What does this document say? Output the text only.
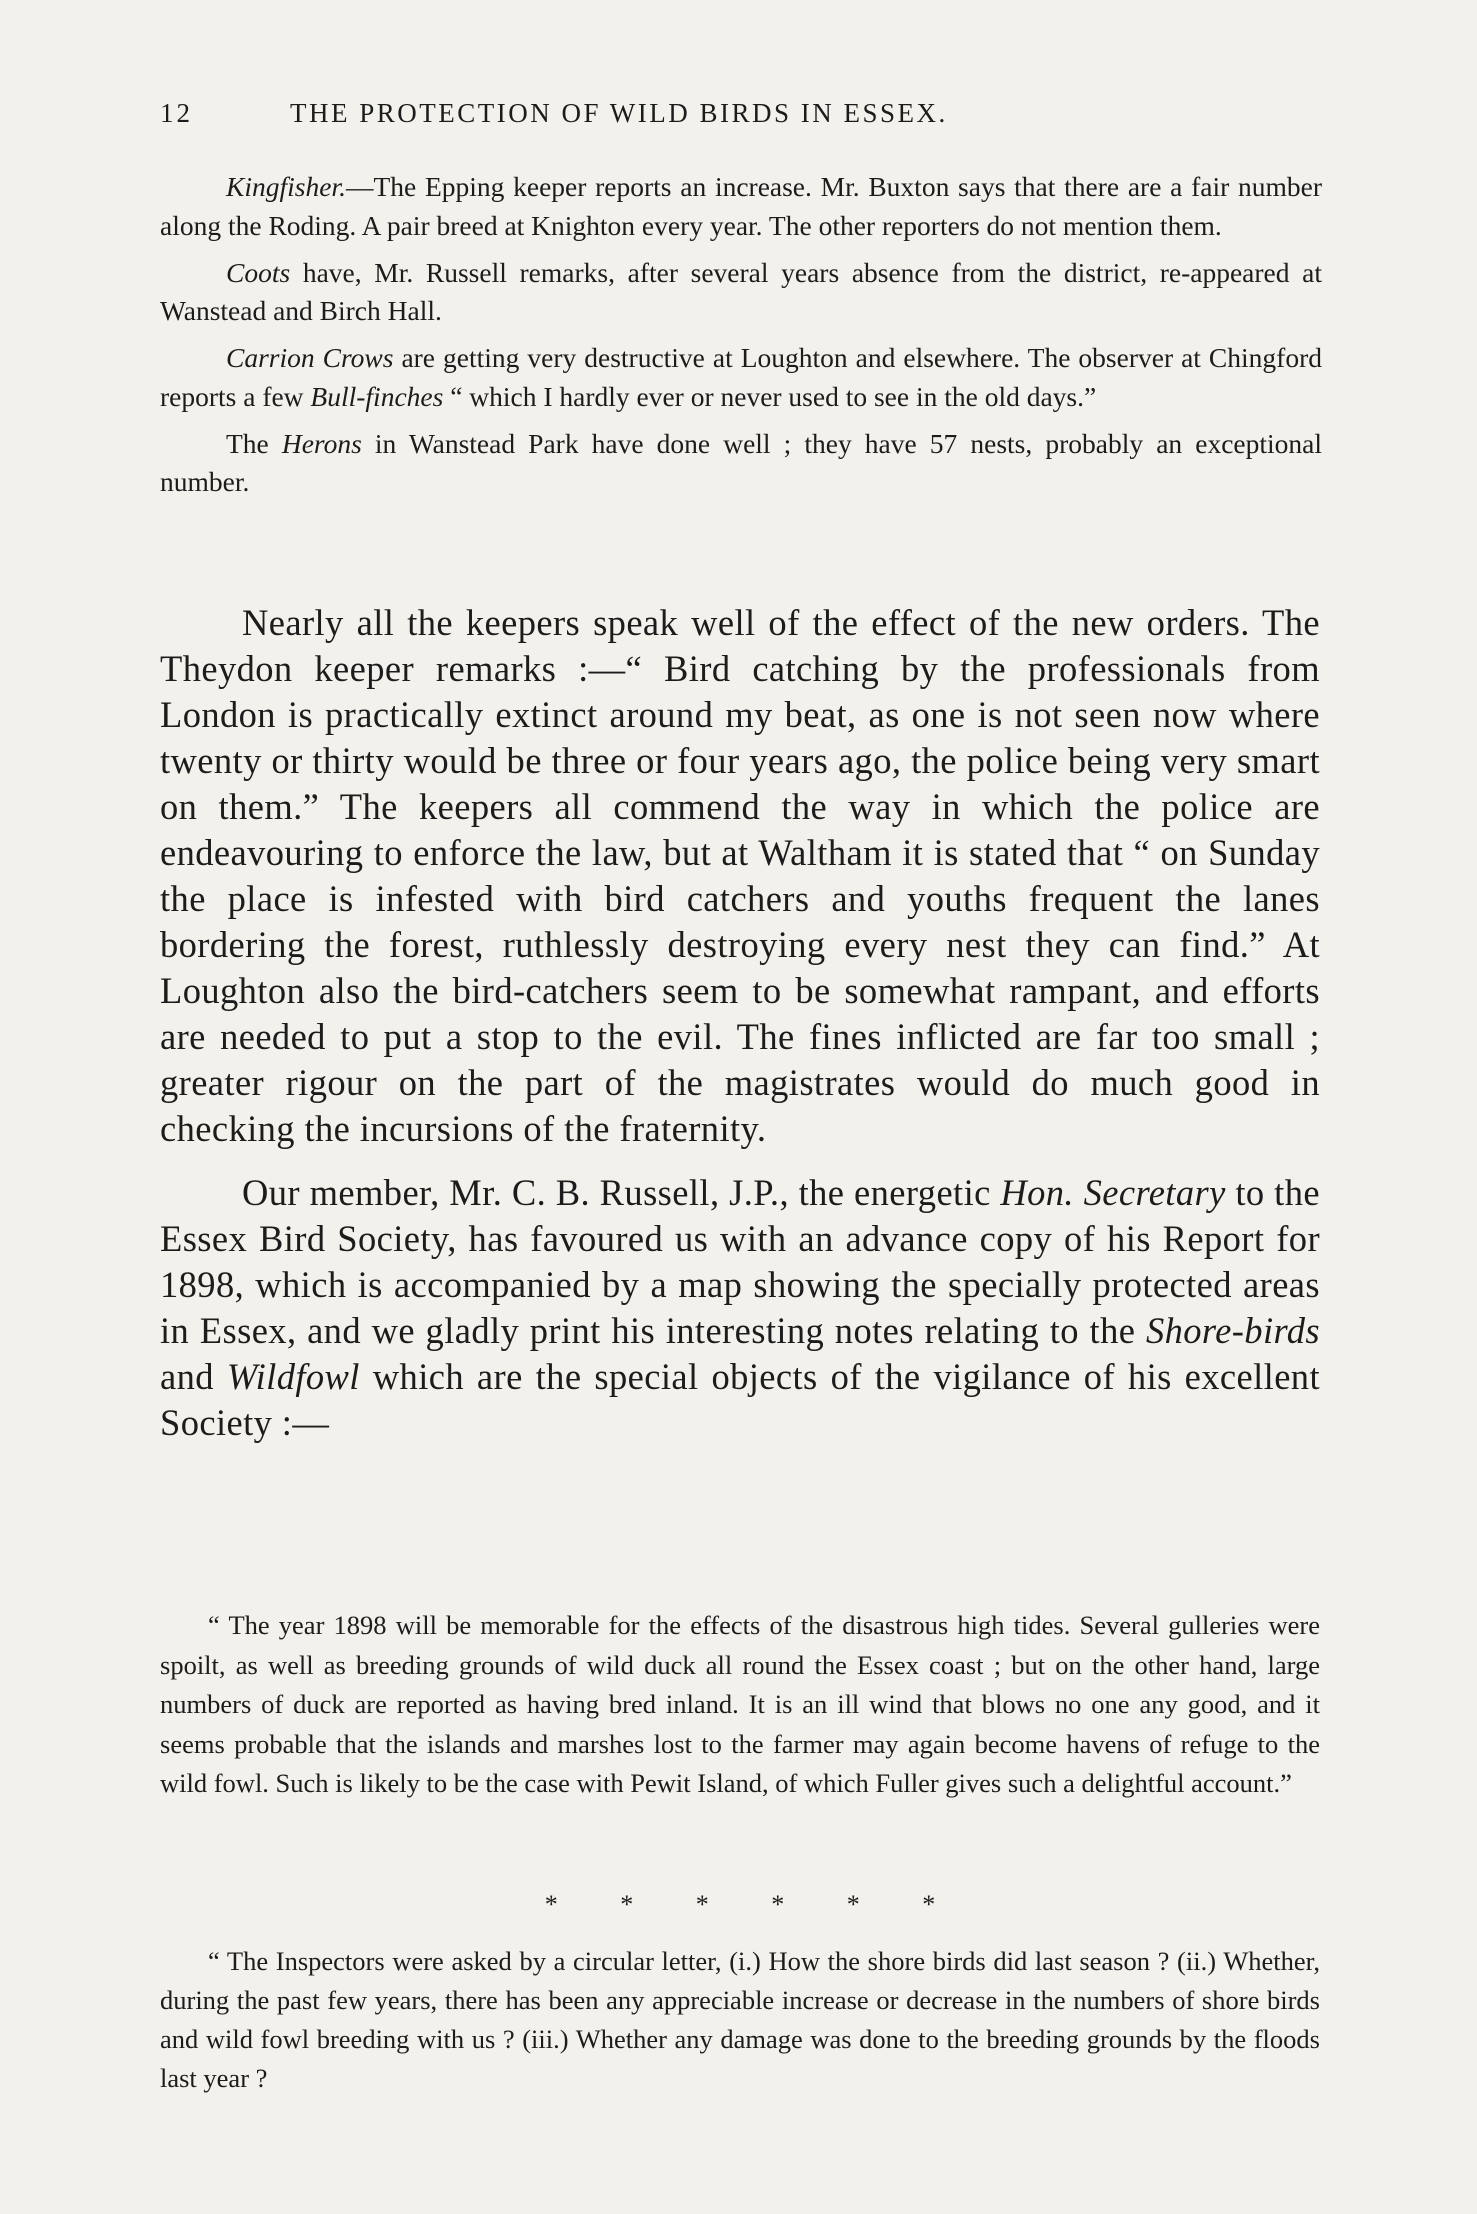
12	THE PROTECTION OF WILD BIRDS IN ESSEX.

Kingfisher.—The Epping keeper reports an increase. Mr. Buxton says that there are a fair number along the Roding. A pair breed at Knighton every year. The other reporters do not mention them.

Coots have, Mr. Russell remarks, after several years absence from the district, re-appeared at Wanstead and Birch Hall.

Carrion Crows are getting very destructive at Loughton and elsewhere. The observer at Chingford reports a few Bull-finches “ which I hardly ever or never used to see in the old days.”

The Herons in Wanstead Park have done well ; they have 57 nests, probably an exceptional number.

Nearly all the keepers speak well of the effect of the new orders. The Theydon keeper remarks :—“ Bird catching by the professionals from London is practically extinct around my beat, as one is not seen now where twenty or thirty would be three or four years ago, the police being very smart on them.” The keepers all commend the way in which the police are endeavouring to enforce the law, but at Waltham it is stated that “ on Sunday the place is infested with bird catchers and youths frequent the lanes bordering the forest, ruthlessly destroying every nest they can find.” At Loughton also the bird-catchers seem to be somewhat rampant, and efforts are needed to put a stop to the evil. The fines inflicted are far too small ; greater rigour on the part of the magistrates would do much good in checking the incursions of the fraternity.

Our member, Mr. C. B. Russell, J.P., the energetic Hon. Secretary to the Essex Bird Society, has favoured us with an advance copy of his Report for 1898, which is accompanied by a map showing the specially protected areas in Essex, and we gladly print his interesting notes relating to the Shore-birds and Wildfowl which are the special objects of the vigilance of his excellent Society :—

“ The year 1898 will be memorable for the effects of the disastrous high tides. Several gulleries were spoilt, as well as breeding grounds of wild duck all round the Essex coast ; but on the other hand, large numbers of duck are reported as having bred inland. It is an ill wind that blows no one any good, and it seems probable that the islands and marshes lost to the farmer may again become havens of refuge to the wild fowl. Such is likely to be the case with Pewit Island, of which Fuller gives such a delightful account.”

* * * * * *

“ The Inspectors were asked by a circular letter, (i.) How the shore birds did last season ? (ii.) Whether, during the past few years, there has been any appreciable increase or decrease in the numbers of shore birds and wild fowl breeding with us ? (iii.) Whether any damage was done to the breeding grounds by the floods last year ?
